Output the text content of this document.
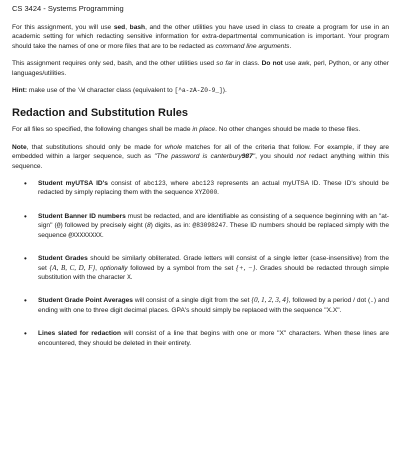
CS 3424 - Systems Programming

For this assignment, you will use sed, bash, and the other utilities you have used in class to create a program for use in an academic setting for which redacting sensitive information for extra-departmental communication is important. Your program should take the names of one or more files that are to be redacted as command line arguments.

This assignment requires only sed, bash, and the other utilities used so far in class. Do not use awk, perl, Python, or any other languages/utilities.

Hint: make use of the \W character class (equivalent to [^a-zA-Z0-9_]).

Redaction and Substitution Rules

For all files so specified, the following changes shall be made in place. No other changes should be made to these files.

Note, that substitutions should only be made for whole matches for all of the criteria that follow. For example, if they are embedded within a larger sequence, such as "The password is canterbury987", you should not redact anything within this sequence.

• Student myUTSA ID's consist of abc123, where abc123 represents an actual myUTSA ID. These ID's should be redacted by simply replacing them with the sequence XYZ000.
• Student Banner ID numbers must be redacted, and are identifiable as consisting of a sequence beginning with an "at-sign" (@) followed by precisely eight (8) digits, as in: @83098247. These ID numbers should be replaced simply with the sequence @XXXXXXXX.
• Student Grades should be similarly obliterated. Grade letters will consist of a single letter (case-insensitive) from the set {A, B, C, D, F}, optionally followed by a symbol from the set {+, −}. Grades should be redacted through simple substitution with the character X.
• Student Grade Point Averages will consist of a single digit from the set {0, 1, 2, 3, 4}, followed by a period / dot (.) and ending with one to three digit decimal places. GPA's should simply be replaced with the sequence "X.X".
• Lines slated for redaction will consist of a line that begins with one or more "X" characters. When these lines are encountered, they should be deleted in their entirety.
